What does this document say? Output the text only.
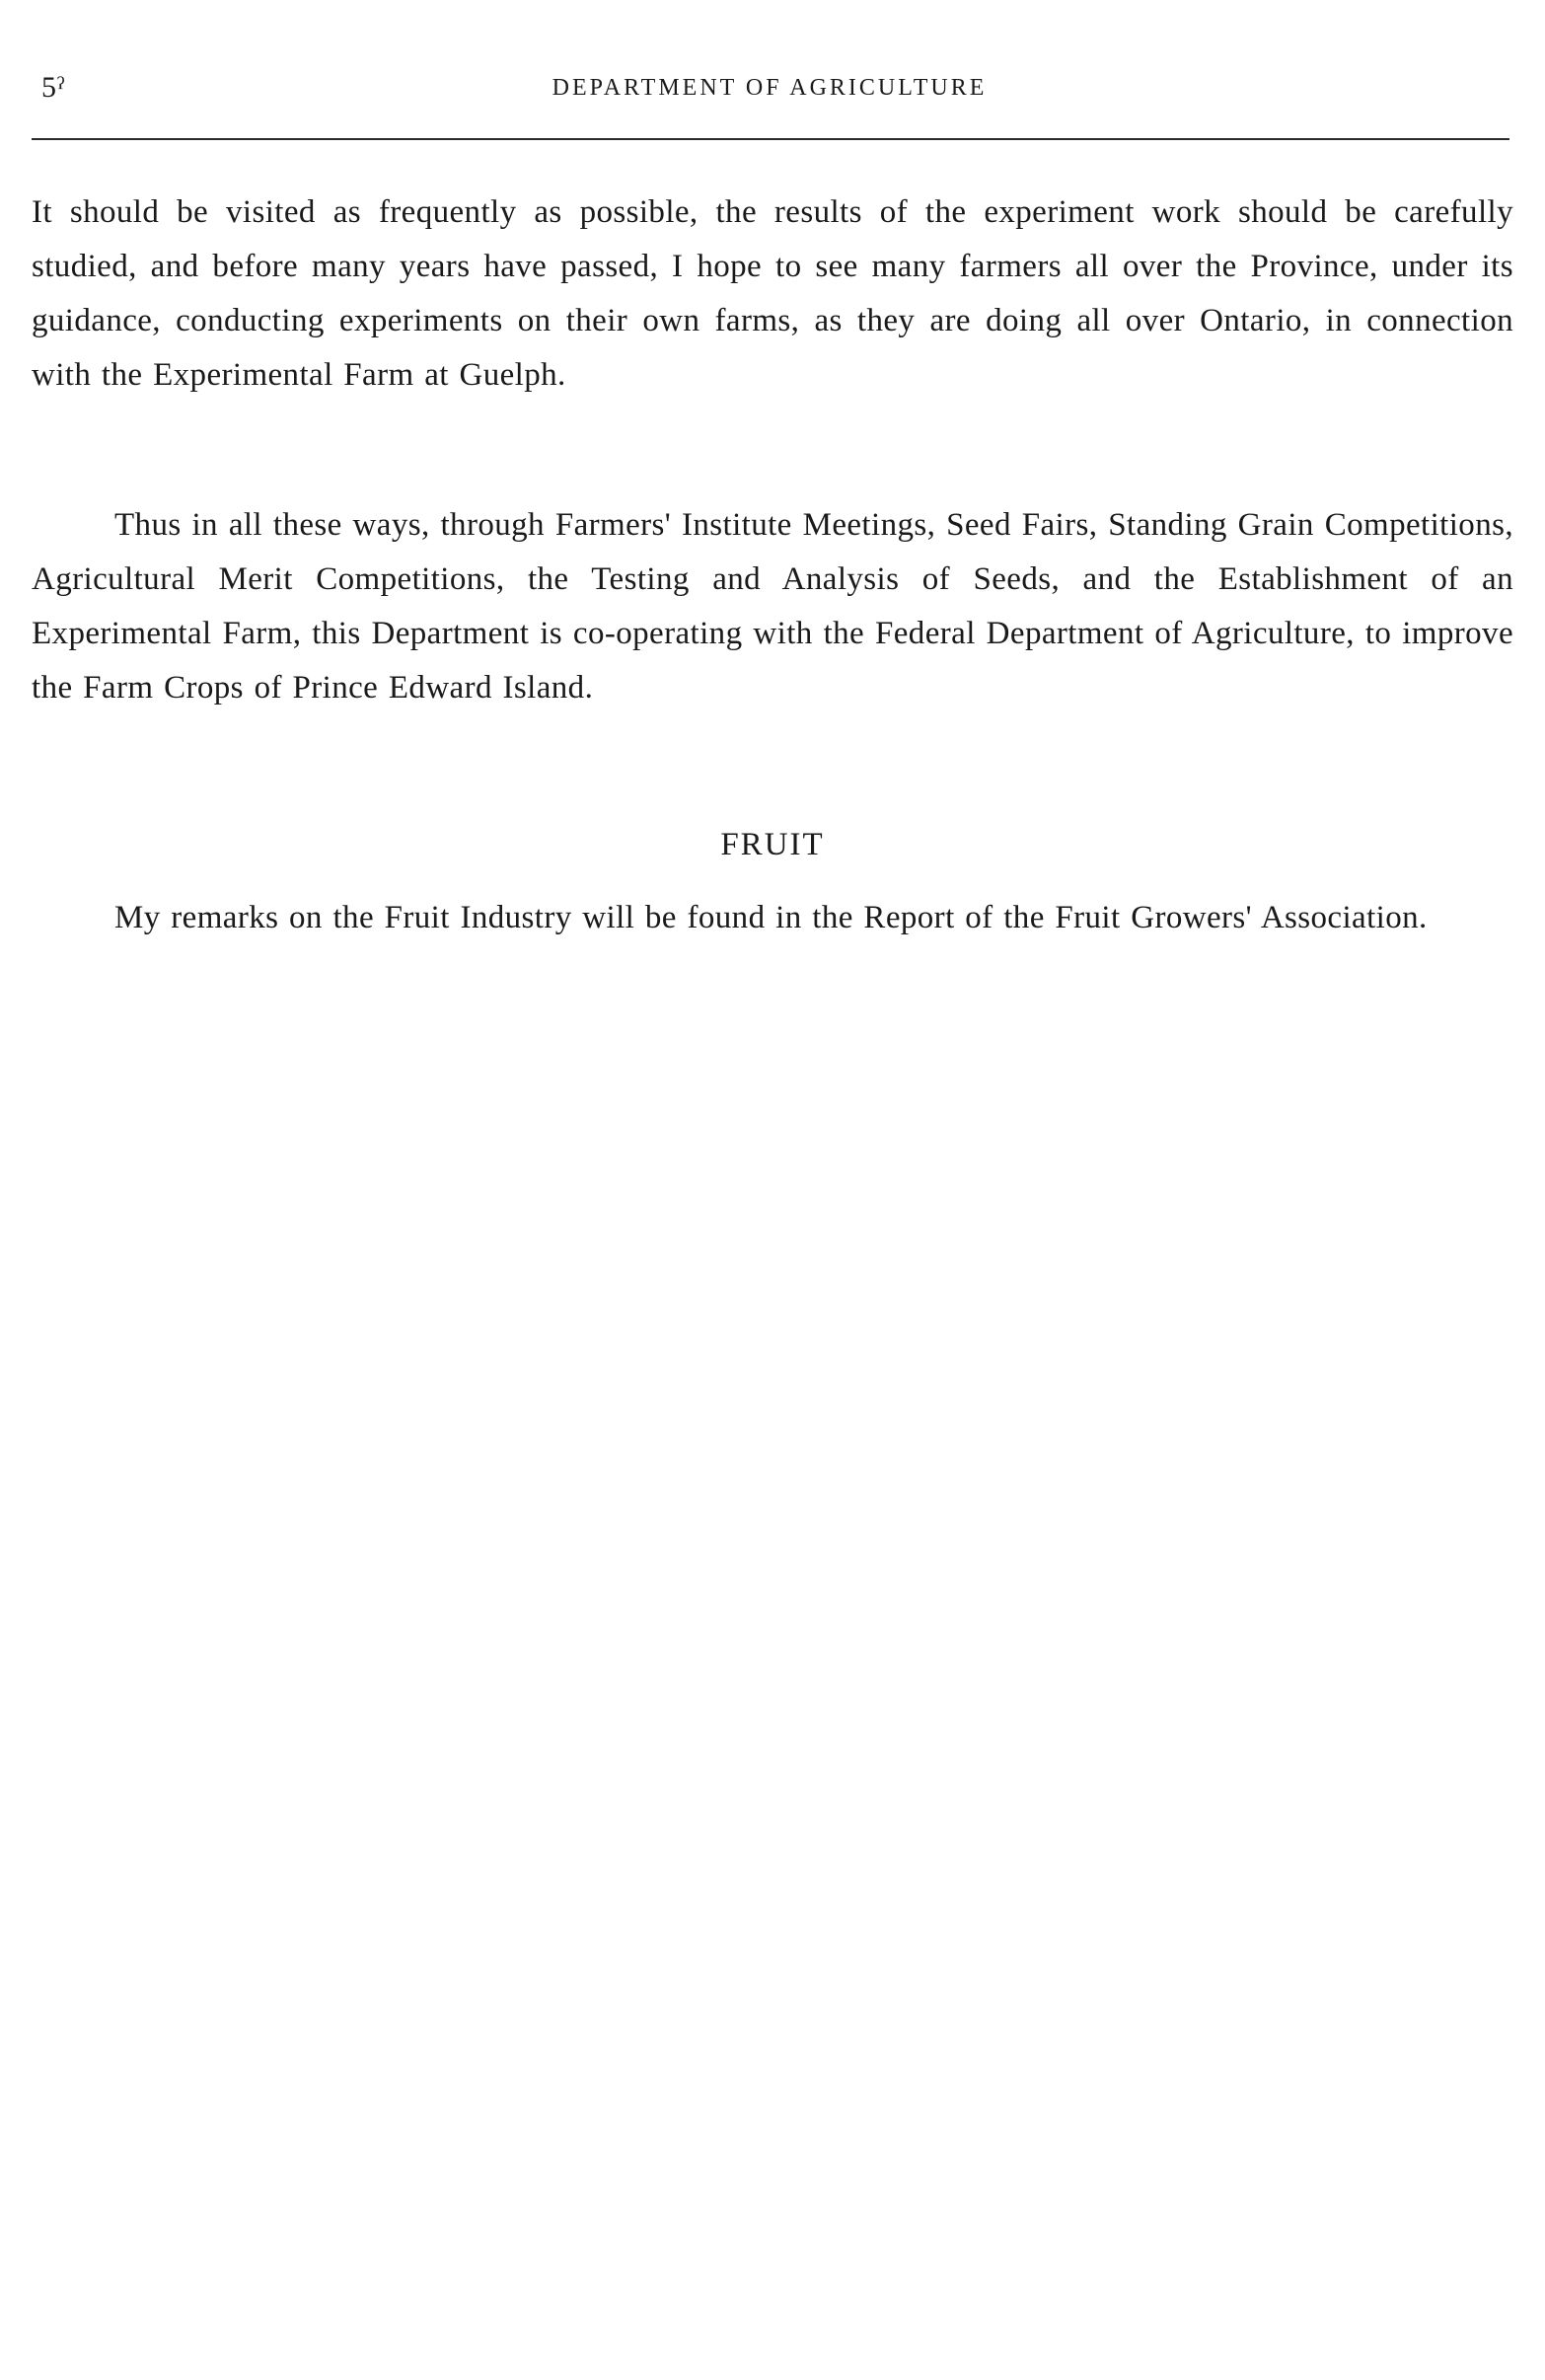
5ˀ	DEPARTMENT OF AGRICULTURE

It should be visited as frequently as possible, the results of the experiment work should be carefully studied, and before many years have passed, I hope to see many farmers all over the Province, under its guidance, conducting experiments on their own farms, as they are doing all over Ontario, in connection with the Experimental Farm at Guelph.

Thus in all these ways, through Farmers' Institute Meetings, Seed Fairs, Standing Grain Competitions, Agricultural Merit Competitions, the Testing and Analysis of Seeds, and the Establishment of an Experimental Farm, this Department is co-operating with the Federal Department of Agriculture, to improve the Farm Crops of Prince Edward Island.

FRUIT

My remarks on the Fruit Industry will be found in the Report of the Fruit Growers' Association.
